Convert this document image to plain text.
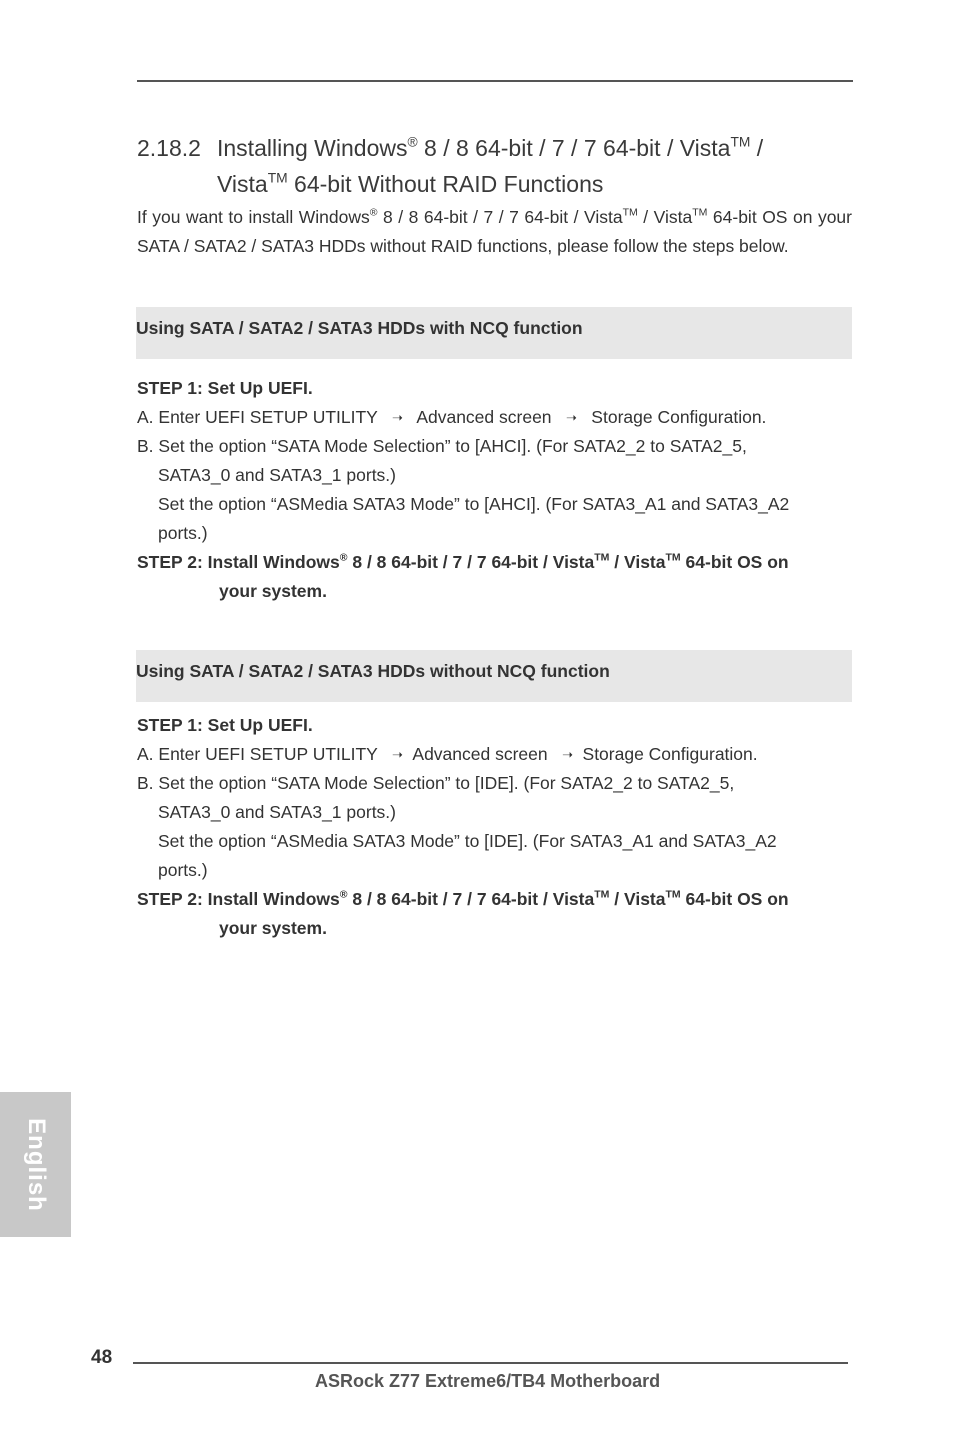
2.18.2 Installing Windows® 8 / 8 64-bit / 7 / 7 64-bit / Vista™ /
Vista™ 64-bit Without RAID Functions
If you want to install Windows® 8 / 8 64-bit / 7 / 7 64-bit / Vista™ / Vista™ 64-bit OS on your SATA / SATA2 / SATA3 HDDs without RAID functions, please follow the steps below.
Using SATA / SATA2 / SATA3 HDDs with NCQ function
STEP 1: Set Up UEFI.
A. Enter UEFI SETUP UTILITY ➝ Advanced screen ➝ Storage Configuration.
B. Set the option “SATA Mode Selection” to [AHCI]. (For SATA2_2 to SATA2_5,
SATA3_0 and SATA3_1 ports.)
Set the option “ASMedia SATA3 Mode” to [AHCI]. (For SATA3_A1 and SATA3_A2
ports.)
STEP 2: Install Windows® 8 / 8 64-bit / 7 / 7 64-bit / Vista™ / Vista™ 64-bit OS on
your system.
Using SATA / SATA2 / SATA3 HDDs without NCQ function
STEP 1: Set Up UEFI.
A. Enter UEFI SETUP UTILITY ➝ Advanced screen ➝ Storage Configuration.
B. Set the option “SATA Mode Selection” to [IDE]. (For SATA2_2 to SATA2_5,
SATA3_0 and SATA3_1 ports.)
Set the option “ASMedia SATA3 Mode” to [IDE]. (For SATA3_A1 and SATA3_A2
ports.)
STEP 2: Install Windows® 8 / 8 64-bit / 7 / 7 64-bit / Vista™ / Vista™ 64-bit OS on
your system.
English
48
ASRock Z77 Extreme6/TB4 Motherboard
